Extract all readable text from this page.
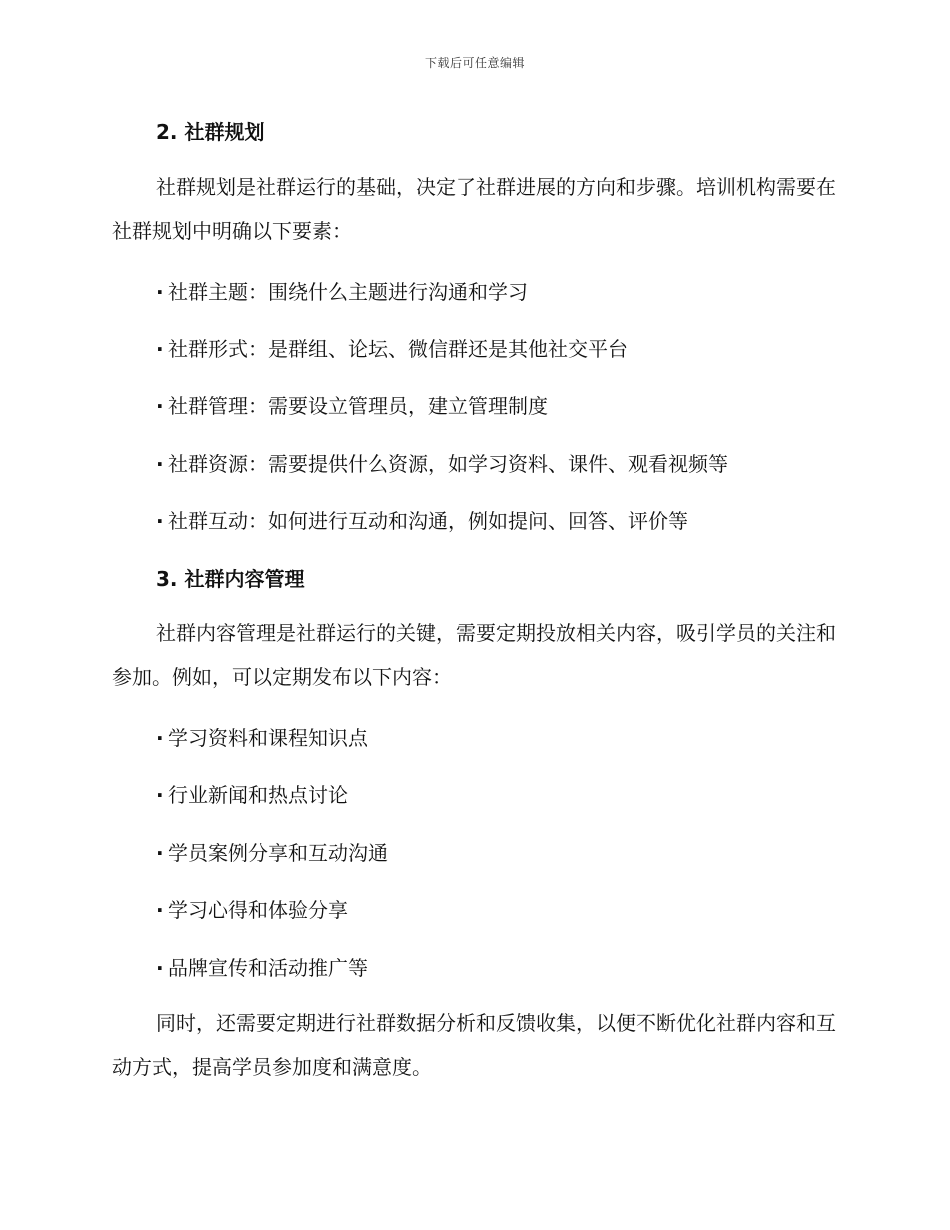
下载后可任意编辑
2. 社群规划
社群规划是社群运行的基础，决定了社群进展的方向和步骤。培训机构需要在社群规划中明确以下要素：
· 社群主题：围绕什么主题进行沟通和学习
· 社群形式：是群组、论坛、微信群还是其他社交平台
· 社群管理：需要设立管理员，建立管理制度
· 社群资源：需要提供什么资源，如学习资料、课件、观看视频等
· 社群互动：如何进行互动和沟通，例如提问、回答、评价等
3. 社群内容管理
社群内容管理是社群运行的关键，需要定期投放相关内容，吸引学员的关注和参加。例如，可以定期发布以下内容：
· 学习资料和课程知识点
· 行业新闻和热点讨论
· 学员案例分享和互动沟通
· 学习心得和体验分享
· 品牌宣传和活动推广等
同时，还需要定期进行社群数据分析和反馈收集，以便不断优化社群内容和互动方式，提高学员参加度和满意度。
